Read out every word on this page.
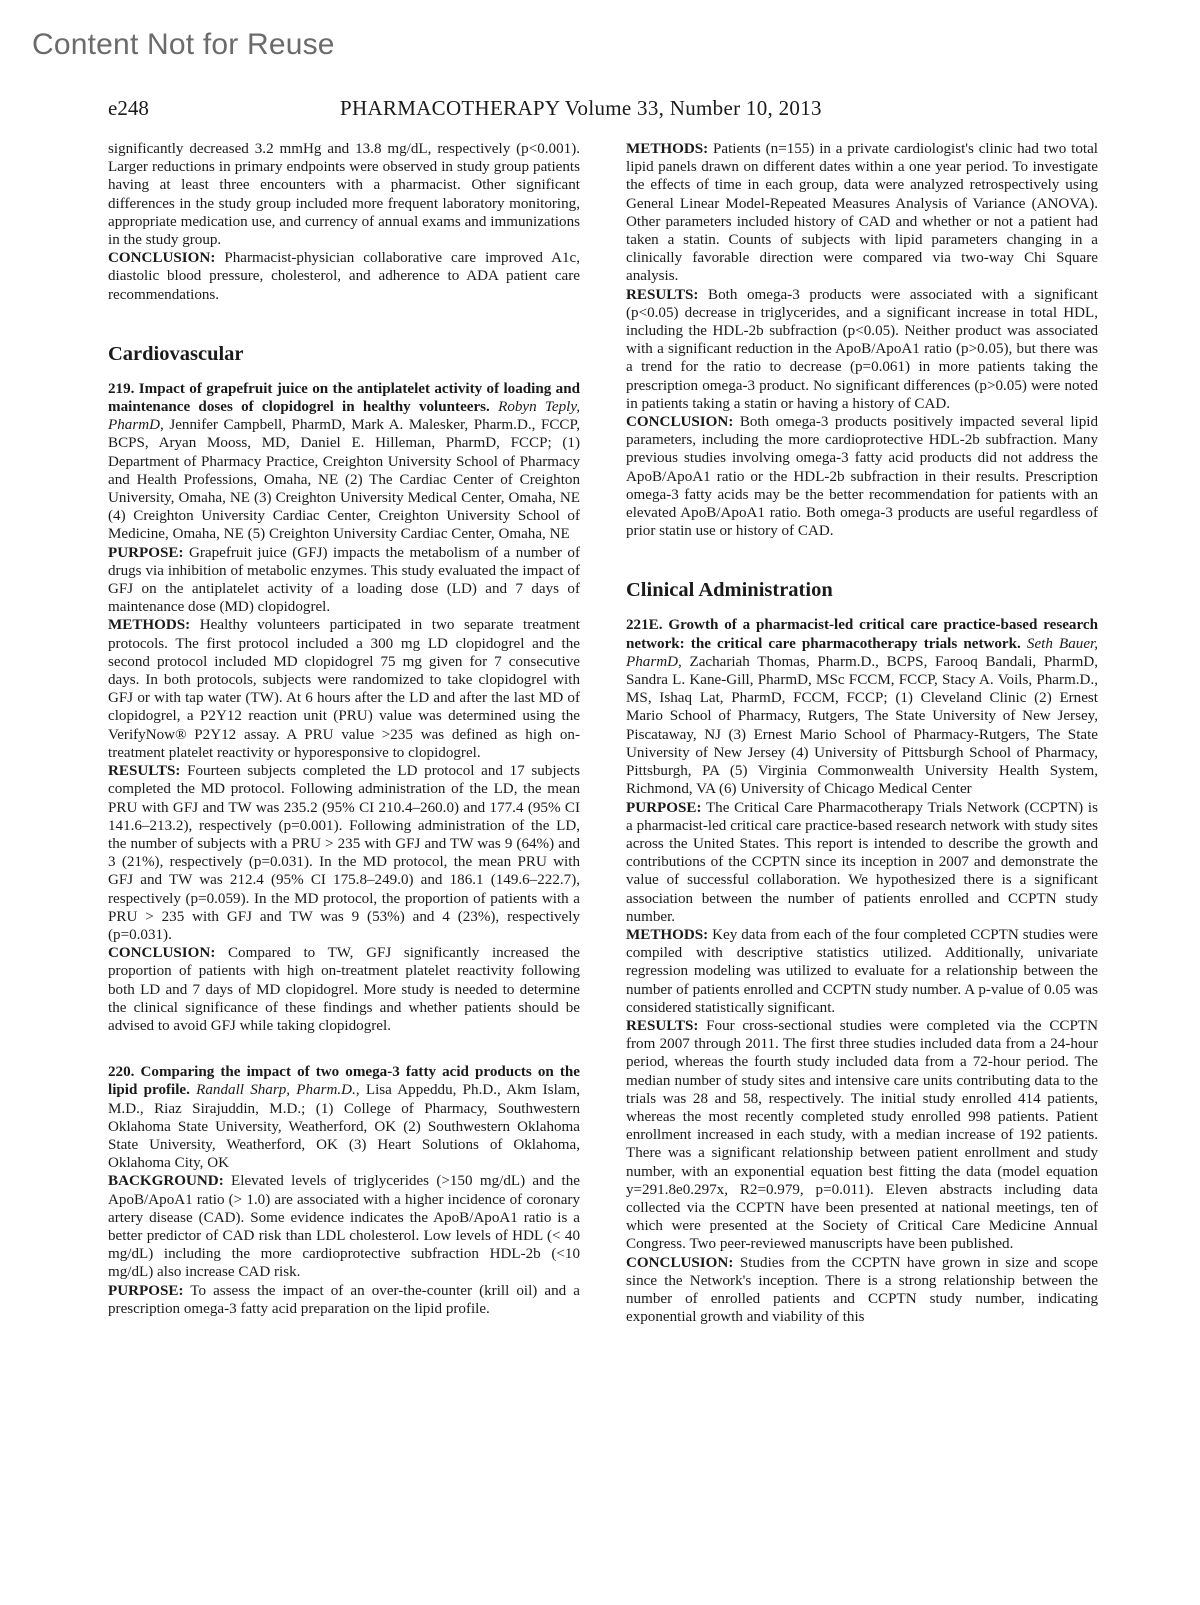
Content Not for Reuse
e248	PHARMACOTHERAPY Volume 33, Number 10, 2013

significantly decreased 3.2 mmHg and 13.8 mg/dL, respectively (p<0.001). Larger reductions in primary endpoints were observed in study group patients having at least three encounters with a pharmacist. Other significant differences in the study group included more frequent laboratory monitoring, appropriate medication use, and currency of annual exams and immunizations in the study group.
CONCLUSION: Pharmacist-physician collaborative care improved A1c, diastolic blood pressure, cholesterol, and adherence to ADA patient care recommendations.

Cardiovascular

219. Impact of grapefruit juice on the antiplatelet activity of loading and maintenance doses of clopidogrel in healthy volunteers. Robyn Teply, PharmD, Jennifer Campbell, PharmD, Mark A. Malesker, Pharm.D., FCCP, BCPS, Aryan Mooss, MD, Daniel E. Hilleman, PharmD, FCCP; (1) Department of Pharmacy Practice, Creighton University School of Pharmacy and Health Professions, Omaha, NE (2) The Cardiac Center of Creighton University, Omaha, NE (3) Creighton University Medical Center, Omaha, NE (4) Creighton University Cardiac Center, Creighton University School of Medicine, Omaha, NE (5) Creighton University Cardiac Center, Omaha, NE
PURPOSE: Grapefruit juice (GFJ) impacts the metabolism of a number of drugs via inhibition of metabolic enzymes. This study evaluated the impact of GFJ on the antiplatelet activity of a loading dose (LD) and 7 days of maintenance dose (MD) clopidogrel.
METHODS: Healthy volunteers participated in two separate treatment protocols. The first protocol included a 300 mg LD clopidogrel and the second protocol included MD clopidogrel 75 mg given for 7 consecutive days. In both protocols, subjects were randomized to take clopidogrel with GFJ or with tap water (TW). At 6 hours after the LD and after the last MD of clopidogrel, a P2Y12 reaction unit (PRU) value was determined using the VerifyNow® P2Y12 assay. A PRU value >235 was defined as high on-treatment platelet reactivity or hyporesponsive to clopidogrel.
RESULTS: Fourteen subjects completed the LD protocol and 17 subjects completed the MD protocol. Following administration of the LD, the mean PRU with GFJ and TW was 235.2 (95% CI 210.4–260.0) and 177.4 (95% CI 141.6–213.2), respectively (p=0.001). Following administration of the LD, the number of subjects with a PRU > 235 with GFJ and TW was 9 (64%) and 3 (21%), respectively (p=0.031). In the MD protocol, the mean PRU with GFJ and TW was 212.4 (95% CI 175.8–249.0) and 186.1 (149.6–222.7), respectively (p=0.059). In the MD protocol, the proportion of patients with a PRU > 235 with GFJ and TW was 9 (53%) and 4 (23%), respectively (p=0.031).
CONCLUSION: Compared to TW, GFJ significantly increased the proportion of patients with high on-treatment platelet reactivity following both LD and 7 days of MD clopidogrel. More study is needed to determine the clinical significance of these findings and whether patients should be advised to avoid GFJ while taking clopidogrel.

220. Comparing the impact of two omega-3 fatty acid products on the lipid profile. Randall Sharp, Pharm.D., Lisa Appeddu, Ph.D., Akm Islam, M.D., Riaz Sirajuddin, M.D.; (1) College of Pharmacy, Southwestern Oklahoma State University, Weatherford, OK (2) Southwestern Oklahoma State University, Weatherford, OK (3) Heart Solutions of Oklahoma, Oklahoma City, OK
BACKGROUND: Elevated levels of triglycerides (>150 mg/dL) and the ApoB/ApoA1 ratio (> 1.0) are associated with a higher incidence of coronary artery disease (CAD). Some evidence indicates the ApoB/ApoA1 ratio is a better predictor of CAD risk than LDL cholesterol. Low levels of HDL (< 40 mg/dL) including the more cardioprotective subfraction HDL-2b (<10 mg/dL) also increase CAD risk.
PURPOSE: To assess the impact of an over-the-counter (krill oil) and a prescription omega-3 fatty acid preparation on the lipid profile.

METHODS: Patients (n=155) in a private cardiologist's clinic had two total lipid panels drawn on different dates within a one year period. To investigate the effects of time in each group, data were analyzed retrospectively using General Linear Model-Repeated Measures Analysis of Variance (ANOVA). Other parameters included history of CAD and whether or not a patient had taken a statin. Counts of subjects with lipid parameters changing in a clinically favorable direction were compared via two-way Chi Square analysis.
RESULTS: Both omega-3 products were associated with a significant (p<0.05) decrease in triglycerides, and a significant increase in total HDL, including the HDL-2b subfraction (p<0.05). Neither product was associated with a significant reduction in the ApoB/ApoA1 ratio (p>0.05), but there was a trend for the ratio to decrease (p=0.061) in more patients taking the prescription omega-3 product. No significant differences (p>0.05) were noted in patients taking a statin or having a history of CAD.
CONCLUSION: Both omega-3 products positively impacted several lipid parameters, including the more cardioprotective HDL-2b subfraction. Many previous studies involving omega-3 fatty acid products did not address the ApoB/ApoA1 ratio or the HDL-2b subfraction in their results. Prescription omega-3 fatty acids may be the better recommendation for patients with an elevated ApoB/ApoA1 ratio. Both omega-3 products are useful regardless of prior statin use or history of CAD.

Clinical Administration

221E. Growth of a pharmacist-led critical care practice-based research network: the critical care pharmacotherapy trials network. Seth Bauer, PharmD, Zachariah Thomas, Pharm.D., BCPS, Farooq Bandali, PharmD, Sandra L. Kane-Gill, PharmD, MSc FCCM, FCCP, Stacy A. Voils, Pharm.D., MS, Ishaq Lat, PharmD, FCCM, FCCP; (1) Cleveland Clinic (2) Ernest Mario School of Pharmacy, Rutgers, The State University of New Jersey, Piscataway, NJ (3) Ernest Mario School of Pharmacy-Rutgers, The State University of New Jersey (4) University of Pittsburgh School of Pharmacy, Pittsburgh, PA (5) Virginia Commonwealth University Health System, Richmond, VA (6) University of Chicago Medical Center
PURPOSE: The Critical Care Pharmacotherapy Trials Network (CCPTN) is a pharmacist-led critical care practice-based research network with study sites across the United States. This report is intended to describe the growth and contributions of the CCPTN since its inception in 2007 and demonstrate the value of successful collaboration. We hypothesized there is a significant association between the number of patients enrolled and CCPTN study number.
METHODS: Key data from each of the four completed CCPTN studies were compiled with descriptive statistics utilized. Additionally, univariate regression modeling was utilized to evaluate for a relationship between the number of patients enrolled and CCPTN study number. A p-value of 0.05 was considered statistically significant.
RESULTS: Four cross-sectional studies were completed via the CCPTN from 2007 through 2011. The first three studies included data from a 24-hour period, whereas the fourth study included data from a 72-hour period. The median number of study sites and intensive care units contributing data to the trials was 28 and 58, respectively. The initial study enrolled 414 patients, whereas the most recently completed study enrolled 998 patients. Patient enrollment increased in each study, with a median increase of 192 patients. There was a significant relationship between patient enrollment and study number, with an exponential equation best fitting the data (model equation y=291.8e0.297x, R2=0.979, p=0.011). Eleven abstracts including data collected via the CCPTN have been presented at national meetings, ten of which were presented at the Society of Critical Care Medicine Annual Congress. Two peer-reviewed manuscripts have been published.
CONCLUSION: Studies from the CCPTN have grown in size and scope since the Network's inception. There is a strong relationship between the number of enrolled patients and CCPTN study number, indicating exponential growth and viability of this
